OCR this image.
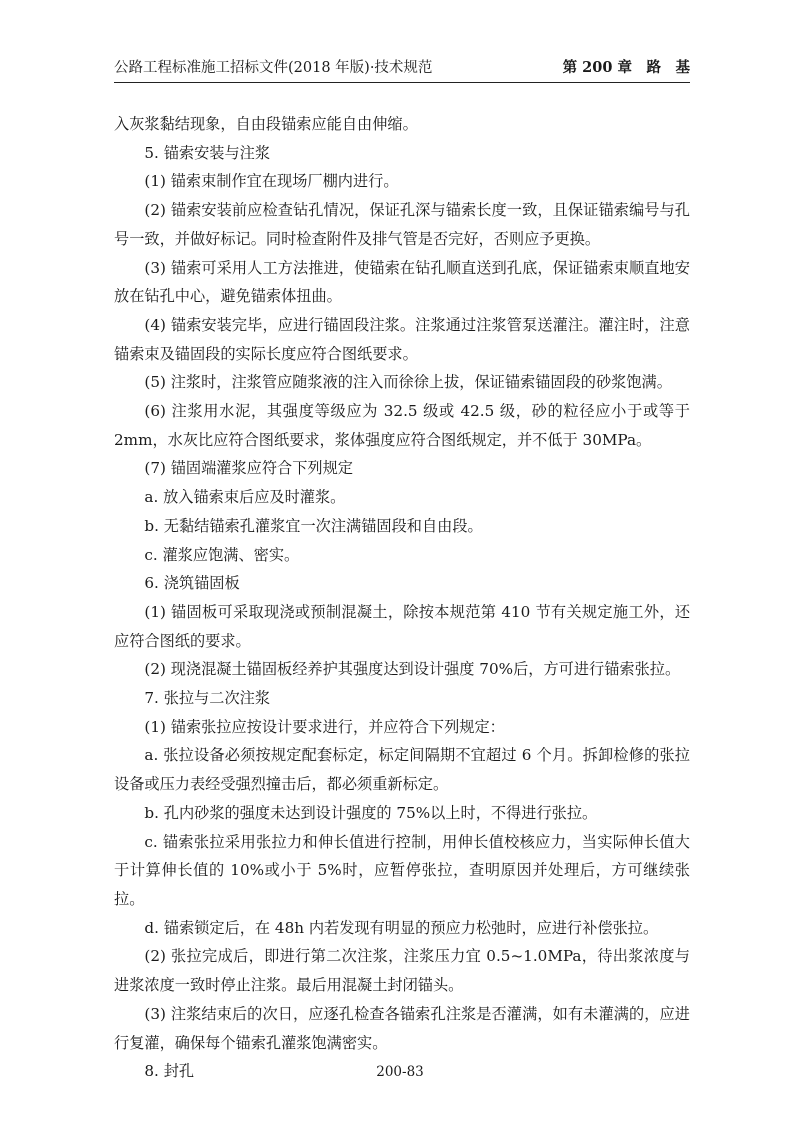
公路工程标准施工招标文件(2018 年版)·技术规范	第 200 章　路　基

入灰浆黏结现象，自由段锚索应能自由伸缩。

5. 锚索安装与注浆

(1) 锚索束制作宜在现场厂棚内进行。

(2) 锚索安装前应检查钻孔情况，保证孔深与锚索长度一致，且保证锚索编号与孔号一致，并做好标记。同时检查附件及排气管是否完好，否则应予更换。

(3) 锚索可采用人工方法推进，使锚索在钻孔顺直送到孔底，保证锚索束顺直地安放在钻孔中心，避免锚索体扭曲。

(4) 锚索安装完毕，应进行锚固段注浆。注浆通过注浆管泵送灌注。灌注时，注意锚索束及锚固段的实际长度应符合图纸要求。

(5) 注浆时，注浆管应随浆液的注入而徐徐上拔，保证锚索锚固段的砂浆饱满。

(6) 注浆用水泥，其强度等级应为 32.5 级或 42.5 级，砂的粒径应小于或等于 2mm，水灰比应符合图纸要求，浆体强度应符合图纸规定，并不低于 30MPa。

(7) 锚固端灌浆应符合下列规定

a. 放入锚索束后应及时灌浆。

b. 无黏结锚索孔灌浆宜一次注满锚固段和自由段。

c. 灌浆应饱满、密实。

6. 浇筑锚固板

(1) 锚固板可采取现浇或预制混凝土，除按本规范第 410 节有关规定施工外，还应符合图纸的要求。

(2) 现浇混凝土锚固板经养护其强度达到设计强度 70%后，方可进行锚索张拉。

7. 张拉与二次注浆

(1) 锚索张拉应按设计要求进行，并应符合下列规定：

a. 张拉设备必须按规定配套标定，标定间隔期不宜超过 6 个月。拆卸检修的张拉设备或压力表经受强烈撞击后，都必须重新标定。

b. 孔内砂浆的强度未达到设计强度的 75%以上时，不得进行张拉。

c. 锚索张拉采用张拉力和伸长值进行控制，用伸长值校核应力，当实际伸长值大于计算伸长值的 10%或小于 5%时，应暂停张拉，查明原因并处理后，方可继续张拉。

d. 锚索锁定后，在 48h 内若发现有明显的预应力松弛时，应进行补偿张拉。

(2) 张拉完成后，即进行第二次注浆，注浆压力宜 0.5~1.0MPa，待出浆浓度与进浆浓度一致时停止注浆。最后用混凝土封闭锚头。

(3) 注浆结束后的次日，应逐孔检查各锚索孔注浆是否灌满，如有未灌满的，应进行复灌，确保每个锚索孔灌浆饱满密实。

8. 封孔	200-83
